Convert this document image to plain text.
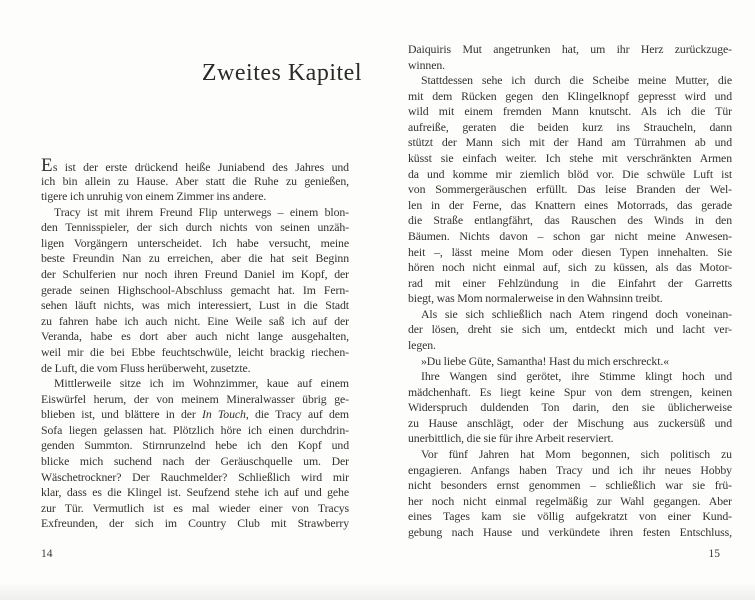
Zweites Kapitel
Es ist der erste drückend heiße Juniabend des Jahres und
ich bin allein zu Hause. Aber statt die Ruhe zu genießen,
tigere ich unruhig von einem Zimmer ins andere.
Tracy ist mit ihrem Freund Flip unterwegs – einem blon-
den Tennisspieler, der sich durch nichts von seinen unzäh-
ligen Vorgängern unterscheidet. Ich habe versucht, meine
beste Freundin Nan zu erreichen, aber die hat seit Beginn
der Schulferien nur noch ihren Freund Daniel im Kopf, der
gerade seinen Highschool-Abschluss gemacht hat. Im Fern-
sehen läuft nichts, was mich interessiert, Lust in die Stadt
zu fahren habe ich auch nicht. Eine Weile saß ich auf der
Veranda, habe es dort aber auch nicht lange ausgehalten,
weil mir die bei Ebbe feuchtschwüle, leicht brackig riechen-
de Luft, die vom Fluss herüberweht, zusetzte.
Mittlerweile sitze ich im Wohnzimmer, kaue auf einem
Eiswürfel herum, der von meinem Mineralwasser übrig ge-
blieben ist, und blättere in der In Touch, die Tracy auf dem
Sofa liegen gelassen hat. Plötzlich höre ich einen durchdrin-
genden Summton. Stirnrunzelnd hebe ich den Kopf und
blicke mich suchend nach der Geräuschquelle um. Der
Wäschetrockner? Der Rauchmelder? Schließlich wird mir
klar, dass es die Klingel ist. Seufzend stehe ich auf und gehe
zur Tür. Vermutlich ist es mal wieder einer von Tracys
Exfreunden, der sich im Country Club mit Strawberry
Daiquiris Mut angetrunken hat, um ihr Herz zurückzuge-
winnen.
Stattdessen sehe ich durch die Scheibe meine Mutter, die
mit dem Rücken gegen den Klingelknopf gepresst wird und
wild mit einem fremden Mann knutscht. Als ich die Tür
aufreiße, geraten die beiden kurz ins Straucheln, dann
stützt der Mann sich mit der Hand am Türrahmen ab und
küsst sie einfach weiter. Ich stehe mit verschränkten Armen
da und komme mir ziemlich blöd vor. Die schwüle Luft ist
von Sommergeräuschen erfüllt. Das leise Branden der Wel-
len in der Ferne, das Knattern eines Motorrads, das gerade
die Straße entlangfährt, das Rauschen des Winds in den
Bäumen. Nichts davon – schon gar nicht meine Anwesen-
heit –, lässt meine Mom oder diesen Typen innehalten. Sie
hören noch nicht einmal auf, sich zu küssen, als das Motor-
rad mit einer Fehlzündung in die Einfahrt der Garretts
biegt, was Mom normalerweise in den Wahnsinn treibt.
Als sie sich schließlich nach Atem ringend doch voneinan-
der lösen, dreht sie sich um, entdeckt mich und lacht ver-
legen.
»Du liebe Güte, Samantha! Hast du mich erschreckt.«
Ihre Wangen sind gerötet, ihre Stimme klingt hoch und
mädchenhaft. Es liegt keine Spur von dem strengen, keinen
Widerspruch duldenden Ton darin, den sie üblicherweise
zu Hause anschlägt, oder der Mischung aus zuckersüß und
unerbittlich, die sie für ihre Arbeit reserviert.
Vor fünf Jahren hat Mom begonnen, sich politisch zu
engagieren. Anfangs haben Tracy und ich ihr neues Hobby
nicht besonders ernst genommen – schließlich war sie frü-
her noch nicht einmal regelmäßig zur Wahl gegangen. Aber
eines Tages kam sie völlig aufgekratzt von einer Kund-
gebung nach Hause und verkündete ihren festen Entschluss,
14	15
